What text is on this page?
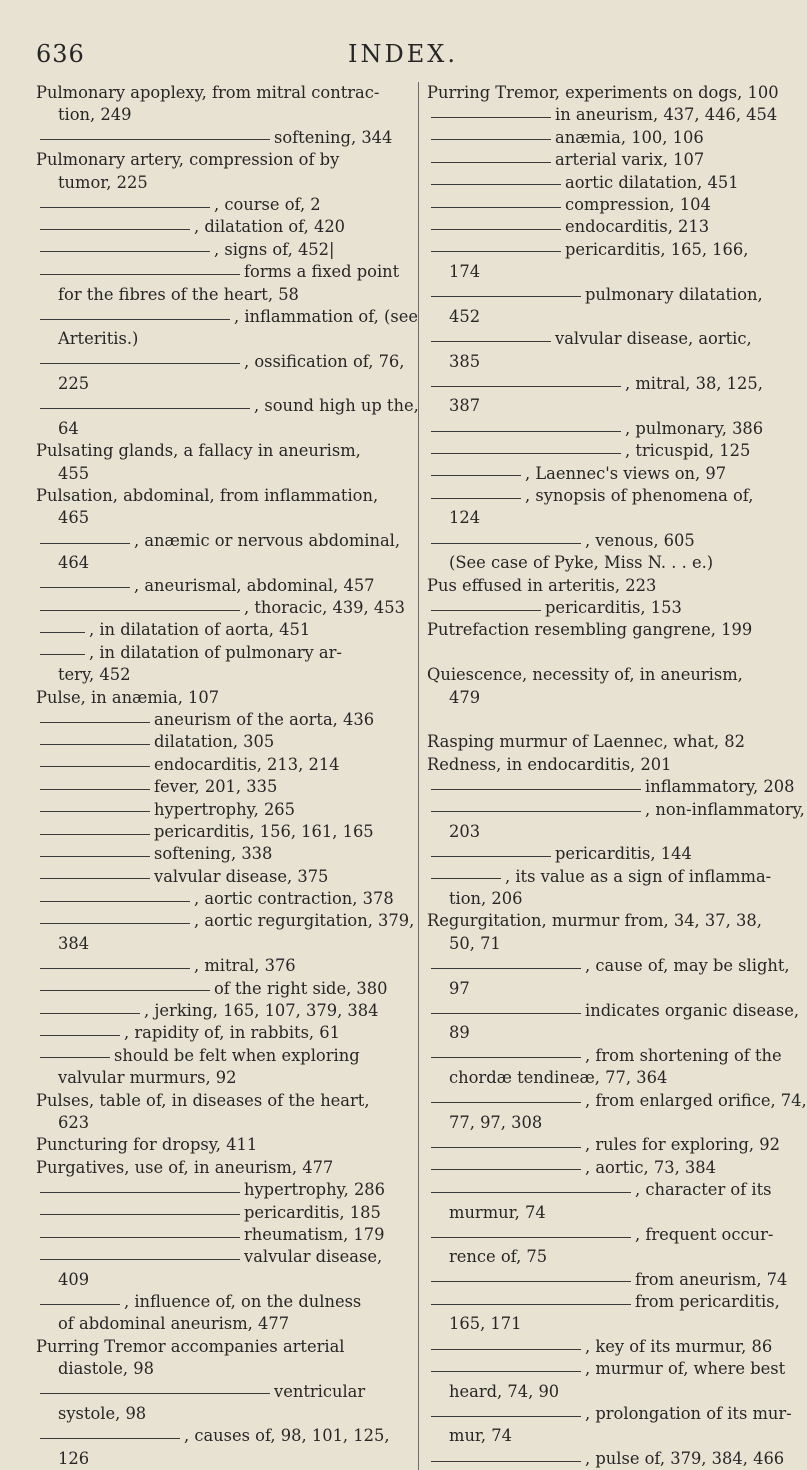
636	INDEX.
Pulmonary apoplexy, from mitral contrac-
tion, 249
softening, 344
Pulmonary artery, compression of by
tumor, 225
, course of, 2
, dilatation of, 420
, signs of, 452|
forms a fixed point
for the fibres of the heart, 58
, inflammation of, (see
Arteritis.)
, ossification of, 76,
225
, sound high up the,
64
Pulsating glands, a fallacy in aneurism,
455
Pulsation, abdominal, from inflammation,
465
, anæmic or nervous abdominal,
464
, aneurismal, abdominal, 457
, thoracic, 439, 453
, in dilatation of aorta, 451
, in dilatation of pulmonary ar-
tery, 452
Pulse, in anæmia, 107
aneurism of the aorta, 436
dilatation, 305
endocarditis, 213, 214
fever, 201, 335
hypertrophy, 265
pericarditis, 156, 161, 165
softening, 338
valvular disease, 375
, aortic contraction, 378
, aortic regurgitation, 379,
384
, mitral, 376
of the right side, 380
, jerking, 165, 107, 379, 384
, rapidity of, in rabbits, 61
should be felt when exploring
valvular murmurs, 92
Pulses, table of, in diseases of the heart,
623
Puncturing for dropsy, 411
Purgatives, use of, in aneurism, 477
hypertrophy, 286
pericarditis, 185
rheumatism, 179
valvular disease,
409
, influence of, on the dulness
of abdominal aneurism, 477
Purring Tremor accompanies arterial
diastole, 98
ventricular
systole, 98
, causes of, 98, 101, 125,
126
Purring Tremor, experiments on dogs, 100
in aneurism, 437, 446, 454
anæmia, 100, 106
arterial varix, 107
aortic dilatation, 451
compression, 104
endocarditis, 213
pericarditis, 165, 166,
174
pulmonary dilatation,
452
valvular disease, aortic,
385
, mitral, 38, 125,
387
, pulmonary, 386
, tricuspid, 125
, Laennec's views on, 97
, synopsis of phenomena of,
124
, venous, 605
(See case of Pyke, Miss N. . . e.)
Pus effused in arteritis, 223
pericarditis, 153
Putrefaction resembling gangrene, 199
Quiescence, necessity of, in aneurism,
479
Rasping murmur of Laennec, what, 82
Redness, in endocarditis, 201
inflammatory, 208
, non-inflammatory,
203
pericarditis, 144
, its value as a sign of inflamma-
tion, 206
Regurgitation, murmur from, 34, 37, 38,
50, 71
, cause of, may be slight,
97
indicates organic disease,
89
, from shortening of the
chordæ tendineæ, 77, 364
, from enlarged orifice, 74,
77, 97, 308
, rules for exploring, 92
, aortic, 73, 384
, character of its
murmur, 74
, frequent occur-
rence of, 75
from aneurism, 74
from pericarditis,
165, 171
, key of its murmur, 86
, murmur of, where best
heard, 74, 90
, prolongation of its mur-
mur, 74
, pulse of, 379, 384, 466
